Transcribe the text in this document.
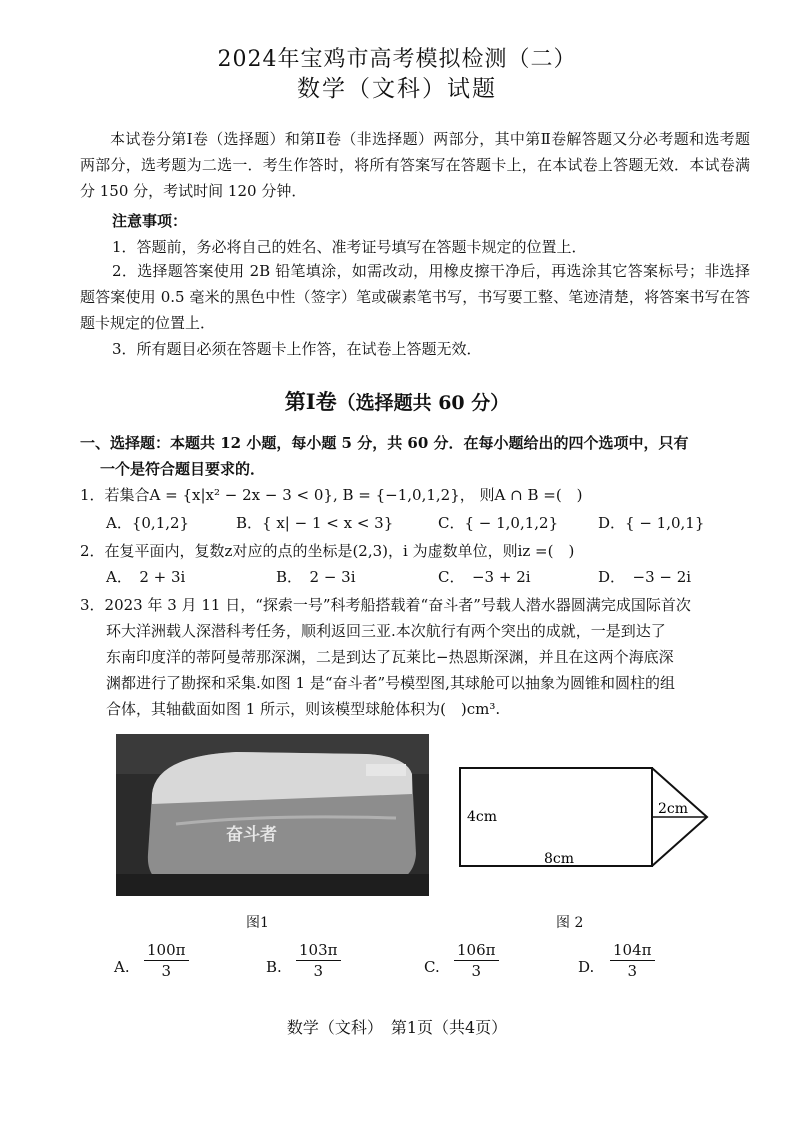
2024年宝鸡市高考模拟检测（二）
数学（文科）试题
本试卷分第Ⅰ卷（选择题）和第Ⅱ卷（非选择题）两部分，其中第Ⅱ卷解答题又分必考题和选考题两部分，选考题为二选一．考生作答时，将所有答案写在答题卡上，在本试卷上答题无效．本试卷满分 150 分，考试时间 120 分钟．
注意事项：
1．答题前，务必将自己的姓名、准考证号填写在答题卡规定的位置上．
2．选择题答案使用 2B 铅笔填涂，如需改动，用橡皮擦干净后，再选涂其它答案标号；非选择题答案使用 0.5 毫米的黑色中性（签字）笔或碳素笔书写，书写要工整、笔迹清楚，将答案书写在答题卡规定的位置上．
3．所有题目必须在答题卡上作答，在试卷上答题无效．
第Ⅰ卷（选择题共 60 分）
一、选择题：本题共 12 小题，每小题 5 分，共 60 分．在每小题给出的四个选项中，只有
一个是符合题目要求的．
1．若集合A = {x|x² − 2x − 3 < 0}, B = {−1,0,1,2}， 则A ∩ B =(　)
A．{0,1,2}	B．{ x| − 1 < x < 3}	C．{ − 1,0,1,2}	D．{ − 1,0,1}
2．在复平面内，复数z对应的点的坐标是(2,3)，i 为虚数单位，则iz =(　)
A．　2 + 3i	B．　2 − 3i	C．　−3 + 2i	D．　−3 − 2i
3．2023 年 3 月 11 日，“探索一号”科考船搭载着“奋斗者”号载人潜水器圆满完成国际首次
环大洋洲载人深潜科考任务，顺利返回三亚.本次航行有两个突出的成就，一是到达了
东南印度洋的蒂阿曼蒂那深渊，二是到达了瓦莱比−热恩斯深渊，并且在这两个海底深
渊都进行了勘探和采集.如图 1 是“奋斗者”号模型图,其球舱可以抽象为圆锥和圆柱的组
合体，其轴截面如图 1 所示，则该模型球舱体积为(　)cm³.
奋斗者
图1
4cm
8cm
2cm
图 2
A. $\frac{100\pi}{3}$	B. $\frac{103\pi}{3}$	C. $\frac{106\pi}{3}$	D. $\frac{104\pi}{3}$
数学（文科）　第1页（共4页）
